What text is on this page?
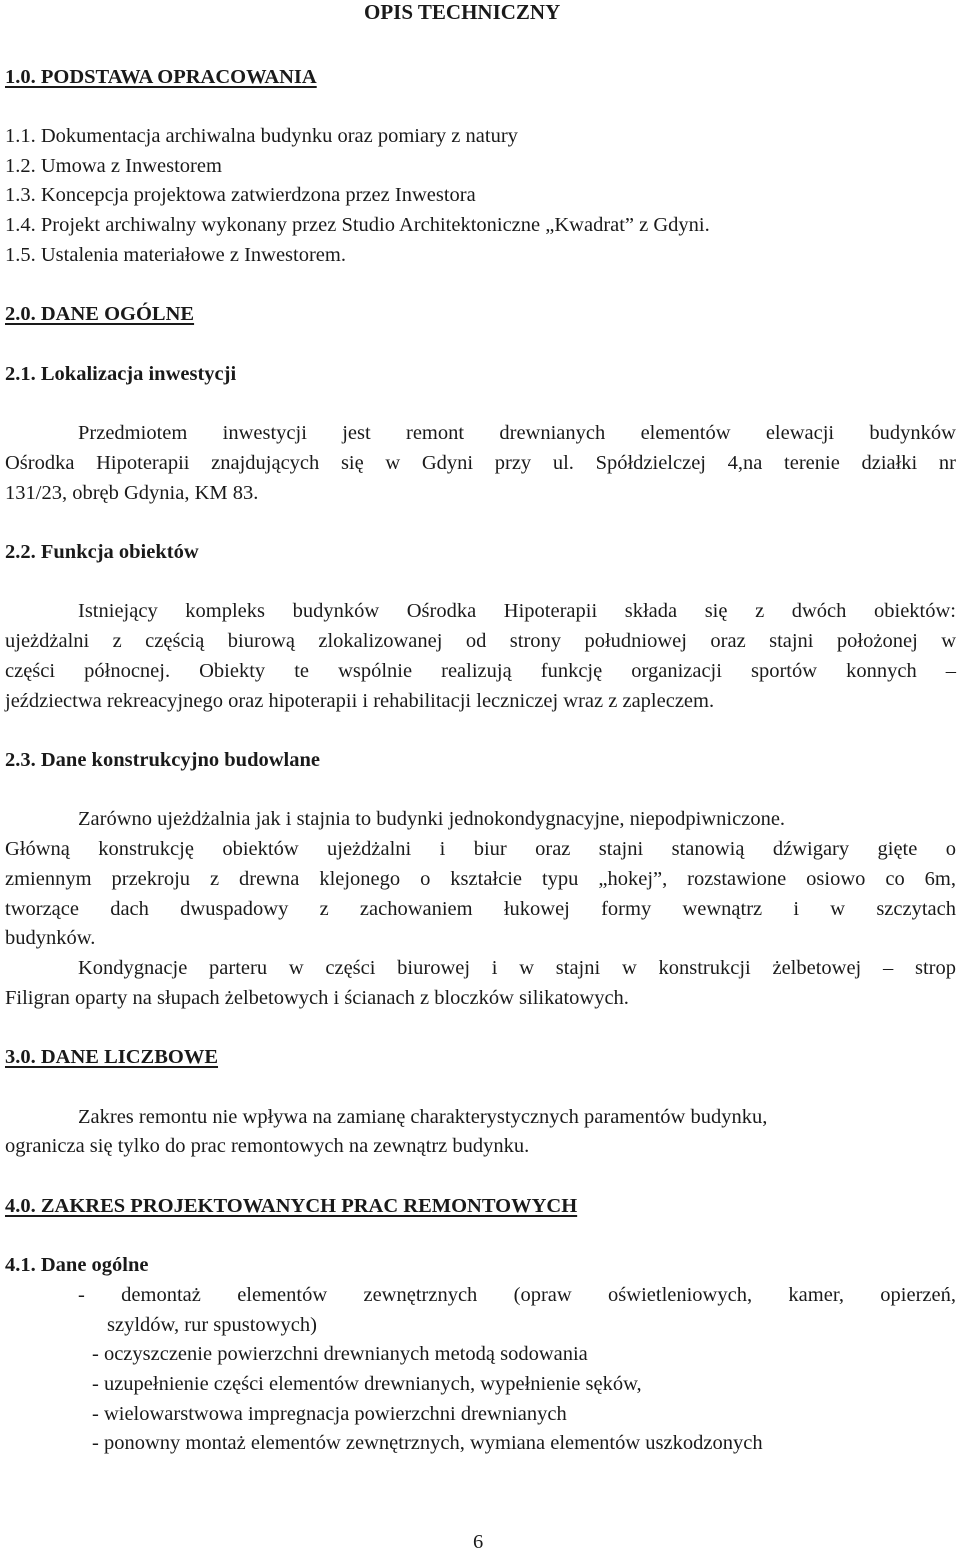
OPIS TECHNICZNY
1.0. PODSTAWA OPRACOWANIA
1.1. Dokumentacja archiwalna budynku oraz pomiary z natury
1.2. Umowa z Inwestorem
1.3. Koncepcja projektowa zatwierdzona przez Inwestora
1.4. Projekt archiwalny wykonany przez Studio Architektoniczne „Kwadrat” z Gdyni.
1.5. Ustalenia materiałowe z Inwestorem.
2.0. DANE OGÓLNE
2.1. Lokalizacja inwestycji
Przedmiotem inwestycji jest remont drewnianych elementów elewacji budynków
Ośrodka Hipoterapii znajdujących się w Gdyni przy ul. Spółdzielczej 4,na terenie działki nr
131/23, obręb Gdynia, KM 83.
2.2. Funkcja obiektów
Istniejący kompleks budynków Ośrodka Hipoterapii składa się z dwóch obiektów:
ujeżdżalni z częścią biurową zlokalizowanej od strony południowej oraz stajni położonej w
części północnej. Obiekty te wspólnie realizują funkcję organizacji sportów konnych –
jeździectwa rekreacyjnego oraz hipoterapii i rehabilitacji leczniczej wraz z zapleczem.
2.3. Dane konstrukcyjno budowlane
Zarówno ujeżdżalnia jak i stajnia to budynki jednokondygnacyjne, niepodpiwniczone.
Główną konstrukcję obiektów ujeżdżalni i biur oraz stajni stanowią dźwigary gięte o
zmiennym przekroju z drewna klejonego o kształcie typu „hokej”, rozstawione osiowo co 6m,
tworzące dach dwuspadowy z zachowaniem łukowej formy wewnątrz i w szczytach
budynków.
Kondygnacje parteru w części biurowej i w stajni w konstrukcji żelbetowej – strop
Filigran oparty na słupach żelbetowych i ścianach z bloczków silikatowych.
3.0. DANE LICZBOWE
Zakres remontu nie wpływa na zamianę charakterystycznych paramentów budynku,
ogranicza się tylko do prac remontowych na zewnątrz budynku.
4.0. ZAKRES PROJEKTOWANYCH PRAC REMONTOWYCH
4.1. Dane ogólne
- demontaż elementów zewnętrznych (opraw oświetleniowych, kamer, opierzeń,
szyldów, rur spustowych)
- oczyszczenie powierzchni drewnianych metodą sodowania
- uzupełnienie części elementów drewnianych, wypełnienie sęków,
- wielowarstwowa impregnacja powierzchni drewnianych
- ponowny montaż elementów zewnętrznych, wymiana elementów uszkodzonych
6
